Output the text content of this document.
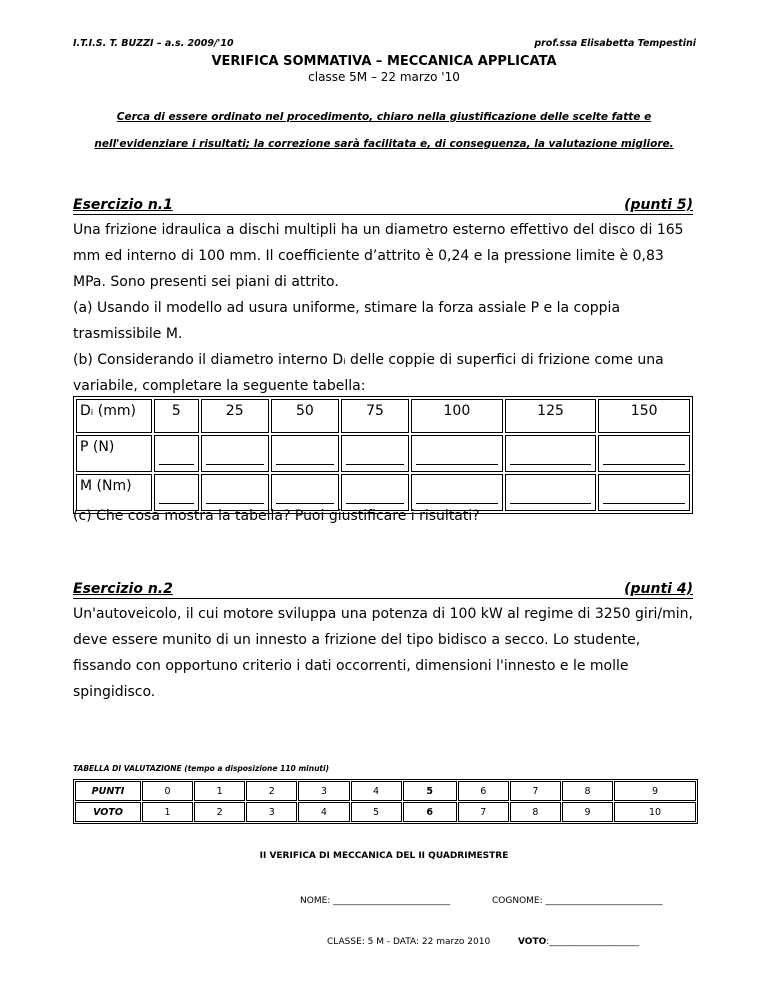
I.T.I.S. T. BUZZI – a.s. 2009/'10	prof.ssa Elisabetta Tempestini
VERIFICA SOMMATIVA – MECCANICA APPLICATA
classe 5M – 22 marzo '10
Cerca di essere ordinato nel procedimento, chiaro nella giustificazione delle scelte fatte e
nell'evidenziare i risultati; la correzione sarà facilitata e, di conseguenza, la valutazione migliore.
Esercizio n.1	(punti 5)

Una frizione idraulica a dischi multipli ha un diametro esterno effettivo del disco di 165 mm ed interno di 100 mm. Il coefficiente d’attrito è 0,24 e la pressione limite è 0,83 MPa. Sono presenti sei piani di attrito.

(a) Usando il modello ad usura uniforme, stimare la forza assiale P e la coppia trasmissibile M.

(b) Considerando il diametro interno Dᵢ delle coppie di superfici di frizione come una variabile, completare la seguente tabella:

Dᵢ (mm)	5	25	50	75	100	125	150
P (N)	

M (Nm)	

(c) Che cosa mostra la tabella? Puoi giustificare i risultati?
Esercizio n.2	(punti 4)
Un'autoveicolo, il cui motore sviluppa una potenza di 100 kW al regime di 3250 giri/min, deve essere munito di un innesto a frizione del tipo bidisco a secco. Lo studente, fissando con opportuno criterio i dati occorrenti, dimensioni l'innesto e le molle spingidisco.
TABELLA DI VALUTAZIONE (tempo a disposizione 110 minuti)
PUNTI	0	1	2	3	4	5	6	7	8	9
VOTO	1	2	3	4	5	6	7	8	9	10
II VERIFICA DI MECCANICA DEL II QUADRIMESTRE
NOME: __________________________	COGNOME: __________________________
CLASSE: 5 M - DATA: 22 marzo 2010	VOTO:____________________
